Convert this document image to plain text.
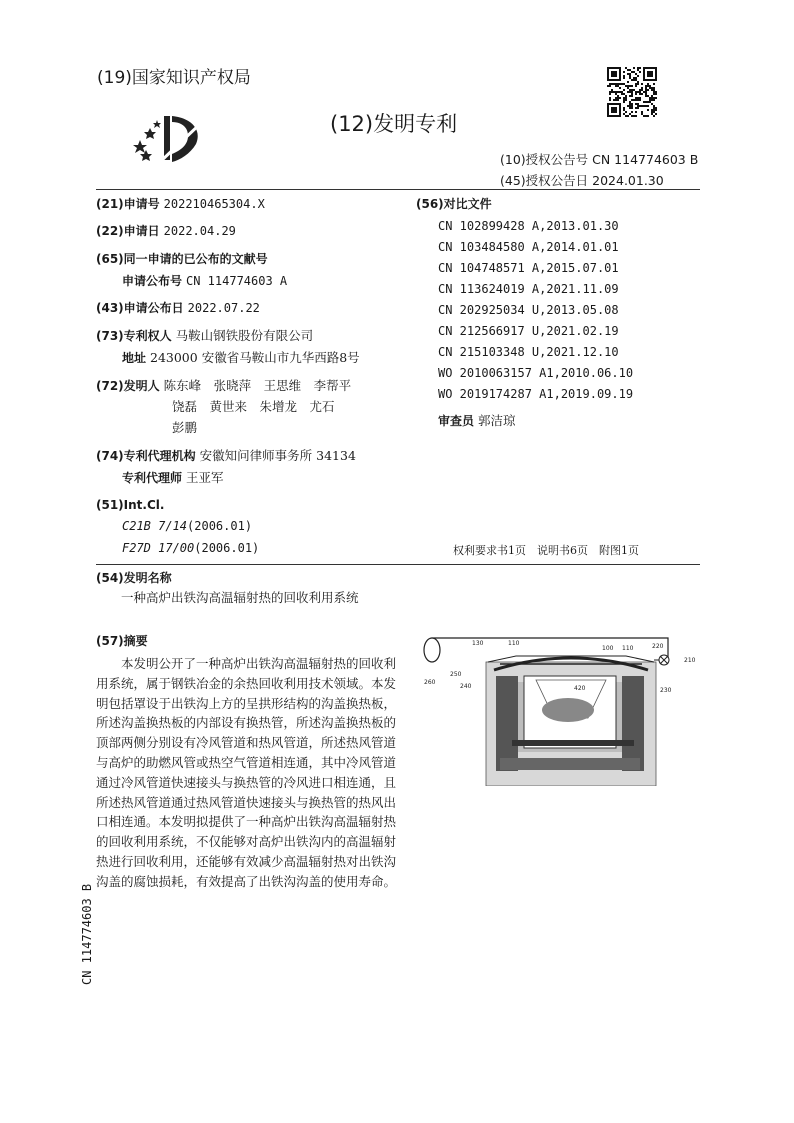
(19)国家知识产权局
(12)发明专利
(10)授权公告号 CN 114774603 B
(45)授权公告日 2024.01.30
(21)申请号 202210465304.X
(22)申请日 2022.04.29
(65)同一申请的已公布的文献号
申请公布号 CN 114774603 A
(43)申请公布日 2022.07.22
(73)专利权人 马鞍山钢铁股份有限公司
地址 243000 安徽省马鞍山市九华西路8号
(72)发明人 陈东峰　张晓萍　王思维　李帮平
饶磊　黄世来　朱增龙　尤石
彭鹏
(74)专利代理机构 安徽知问律师事务所 34134
专利代理师 王亚军
(51)Int.Cl.
C21B 7/14(2006.01)
F27D 17/00(2006.01)
(56)对比文件
CN 102899428 A,2013.01.30
CN 103484580 A,2014.01.01
CN 104748571 A,2015.07.01
CN 113624019 A,2021.11.09
CN 202925034 U,2013.05.08
CN 212566917 U,2021.02.19
CN 215103348 U,2021.12.10
WO 2010063157 A1,2010.06.10
WO 2019174287 A1,2019.09.19
审查员 郭洁琼
权利要求书1页　说明书6页　附图1页
(54)发明名称

一种高炉出铁沟高温辐射热的回收利用系统

(57)摘要

本发明公开了一种高炉出铁沟高温辐射热的回收利用系统，属于钢铁冶金的余热回收利用技术领域。本发明包括罩设于出铁沟上方的呈拱形结构的沟盖换热板，所述沟盖换热板的内部设有换热管，所述沟盖换热板的顶部两侧分别设有冷风管道和热风管道，所述热风管道与高炉的助燃风管或热空气管道相连通，其中冷风管道通过冷风管道快速接头与换热管的冷风进口相连通，且所述热风管道通过热风管道快速接头与换热管的热风出口相连通。本发明拟提供了一种高炉出铁沟高温辐射热的回收利用系统，不仅能够对高炉出铁沟内的高温辐射热进行回收利用，还能够有效减少高温辐射热对出铁沟沟盖的腐蚀损耗，有效提高了出铁沟沟盖的使用寿命。

130	110
100 110	220
210
250
260
240	420	230
CN 114774603 B
